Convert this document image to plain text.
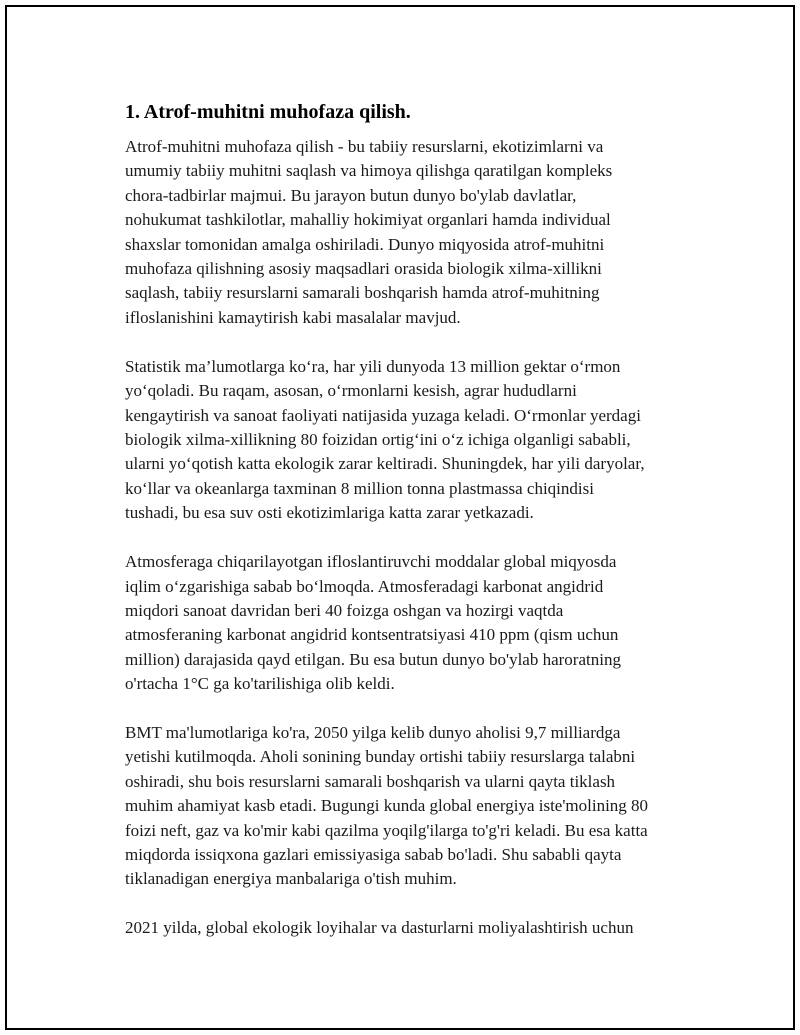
1. Atrof-muhitni muhofaza qilish.

Atrof-muhitni muhofaza qilish - bu tabiiy resurslarni, ekotizimlarni va
umumiy tabiiy muhitni saqlash va himoya qilishga qaratilgan kompleks
chora-tadbirlar majmui. Bu jarayon butun dunyo bo'ylab davlatlar,
nohukumat tashkilotlar, mahalliy hokimiyat organlari hamda individual
shaxslar tomonidan amalga oshiriladi. Dunyo miqyosida atrof-muhitni
muhofaza qilishning asosiy maqsadlari orasida biologik xilma-xillikni
saqlash, tabiiy resurslarni samarali boshqarish hamda atrof-muhitning
ifloslanishini kamaytirish kabi masalalar mavjud.

Statistik ma’lumotlarga ko‘ra, har yili dunyoda 13 million gektar o‘rmon
yo‘qoladi. Bu raqam, asosan, o‘rmonlarni kesish, agrar hududlarni
kengaytirish va sanoat faoliyati natijasida yuzaga keladi. O‘rmonlar yerdagi
biologik xilma-xillikning 80 foizidan ortig‘ini o‘z ichiga olganligi sababli,
ularni yo‘qotish katta ekologik zarar keltiradi. Shuningdek, har yili daryolar,
ko‘llar va okeanlarga taxminan 8 million tonna plastmassa chiqindisi
tushadi, bu esa suv osti ekotizimlariga katta zarar yetkazadi.

Atmosferaga chiqarilayotgan ifloslantiruvchi moddalar global miqyosda
iqlim o‘zgarishiga sabab bo‘lmoqda. Atmosferadagi karbonat angidrid
miqdori sanoat davridan beri 40 foizga oshgan va hozirgi vaqtda
atmosferaning karbonat angidrid kontsentratsiyasi 410 ppm (qism uchun
million) darajasida qayd etilgan. Bu esa butun dunyo bo'ylab haroratning
o'rtacha 1°C ga ko'tarilishiga olib keldi.

BMT ma'lumotlariga ko'ra, 2050 yilga kelib dunyo aholisi 9,7 milliardga
yetishi kutilmoqda. Aholi sonining bunday ortishi tabiiy resurslarga talabni
oshiradi, shu bois resurslarni samarali boshqarish va ularni qayta tiklash
muhim ahamiyat kasb etadi. Bugungi kunda global energiya iste'molining 80
foizi neft, gaz va ko'mir kabi qazilma yoqilg'ilarga to'g'ri keladi. Bu esa katta
miqdorda issiqxona gazlari emissiyasiga sabab bo'ladi. Shu sababli qayta
tiklanadigan energiya manbalariga o'tish muhim.

2021 yilda, global ekologik loyihalar va dasturlarni moliyalashtirish uchun
